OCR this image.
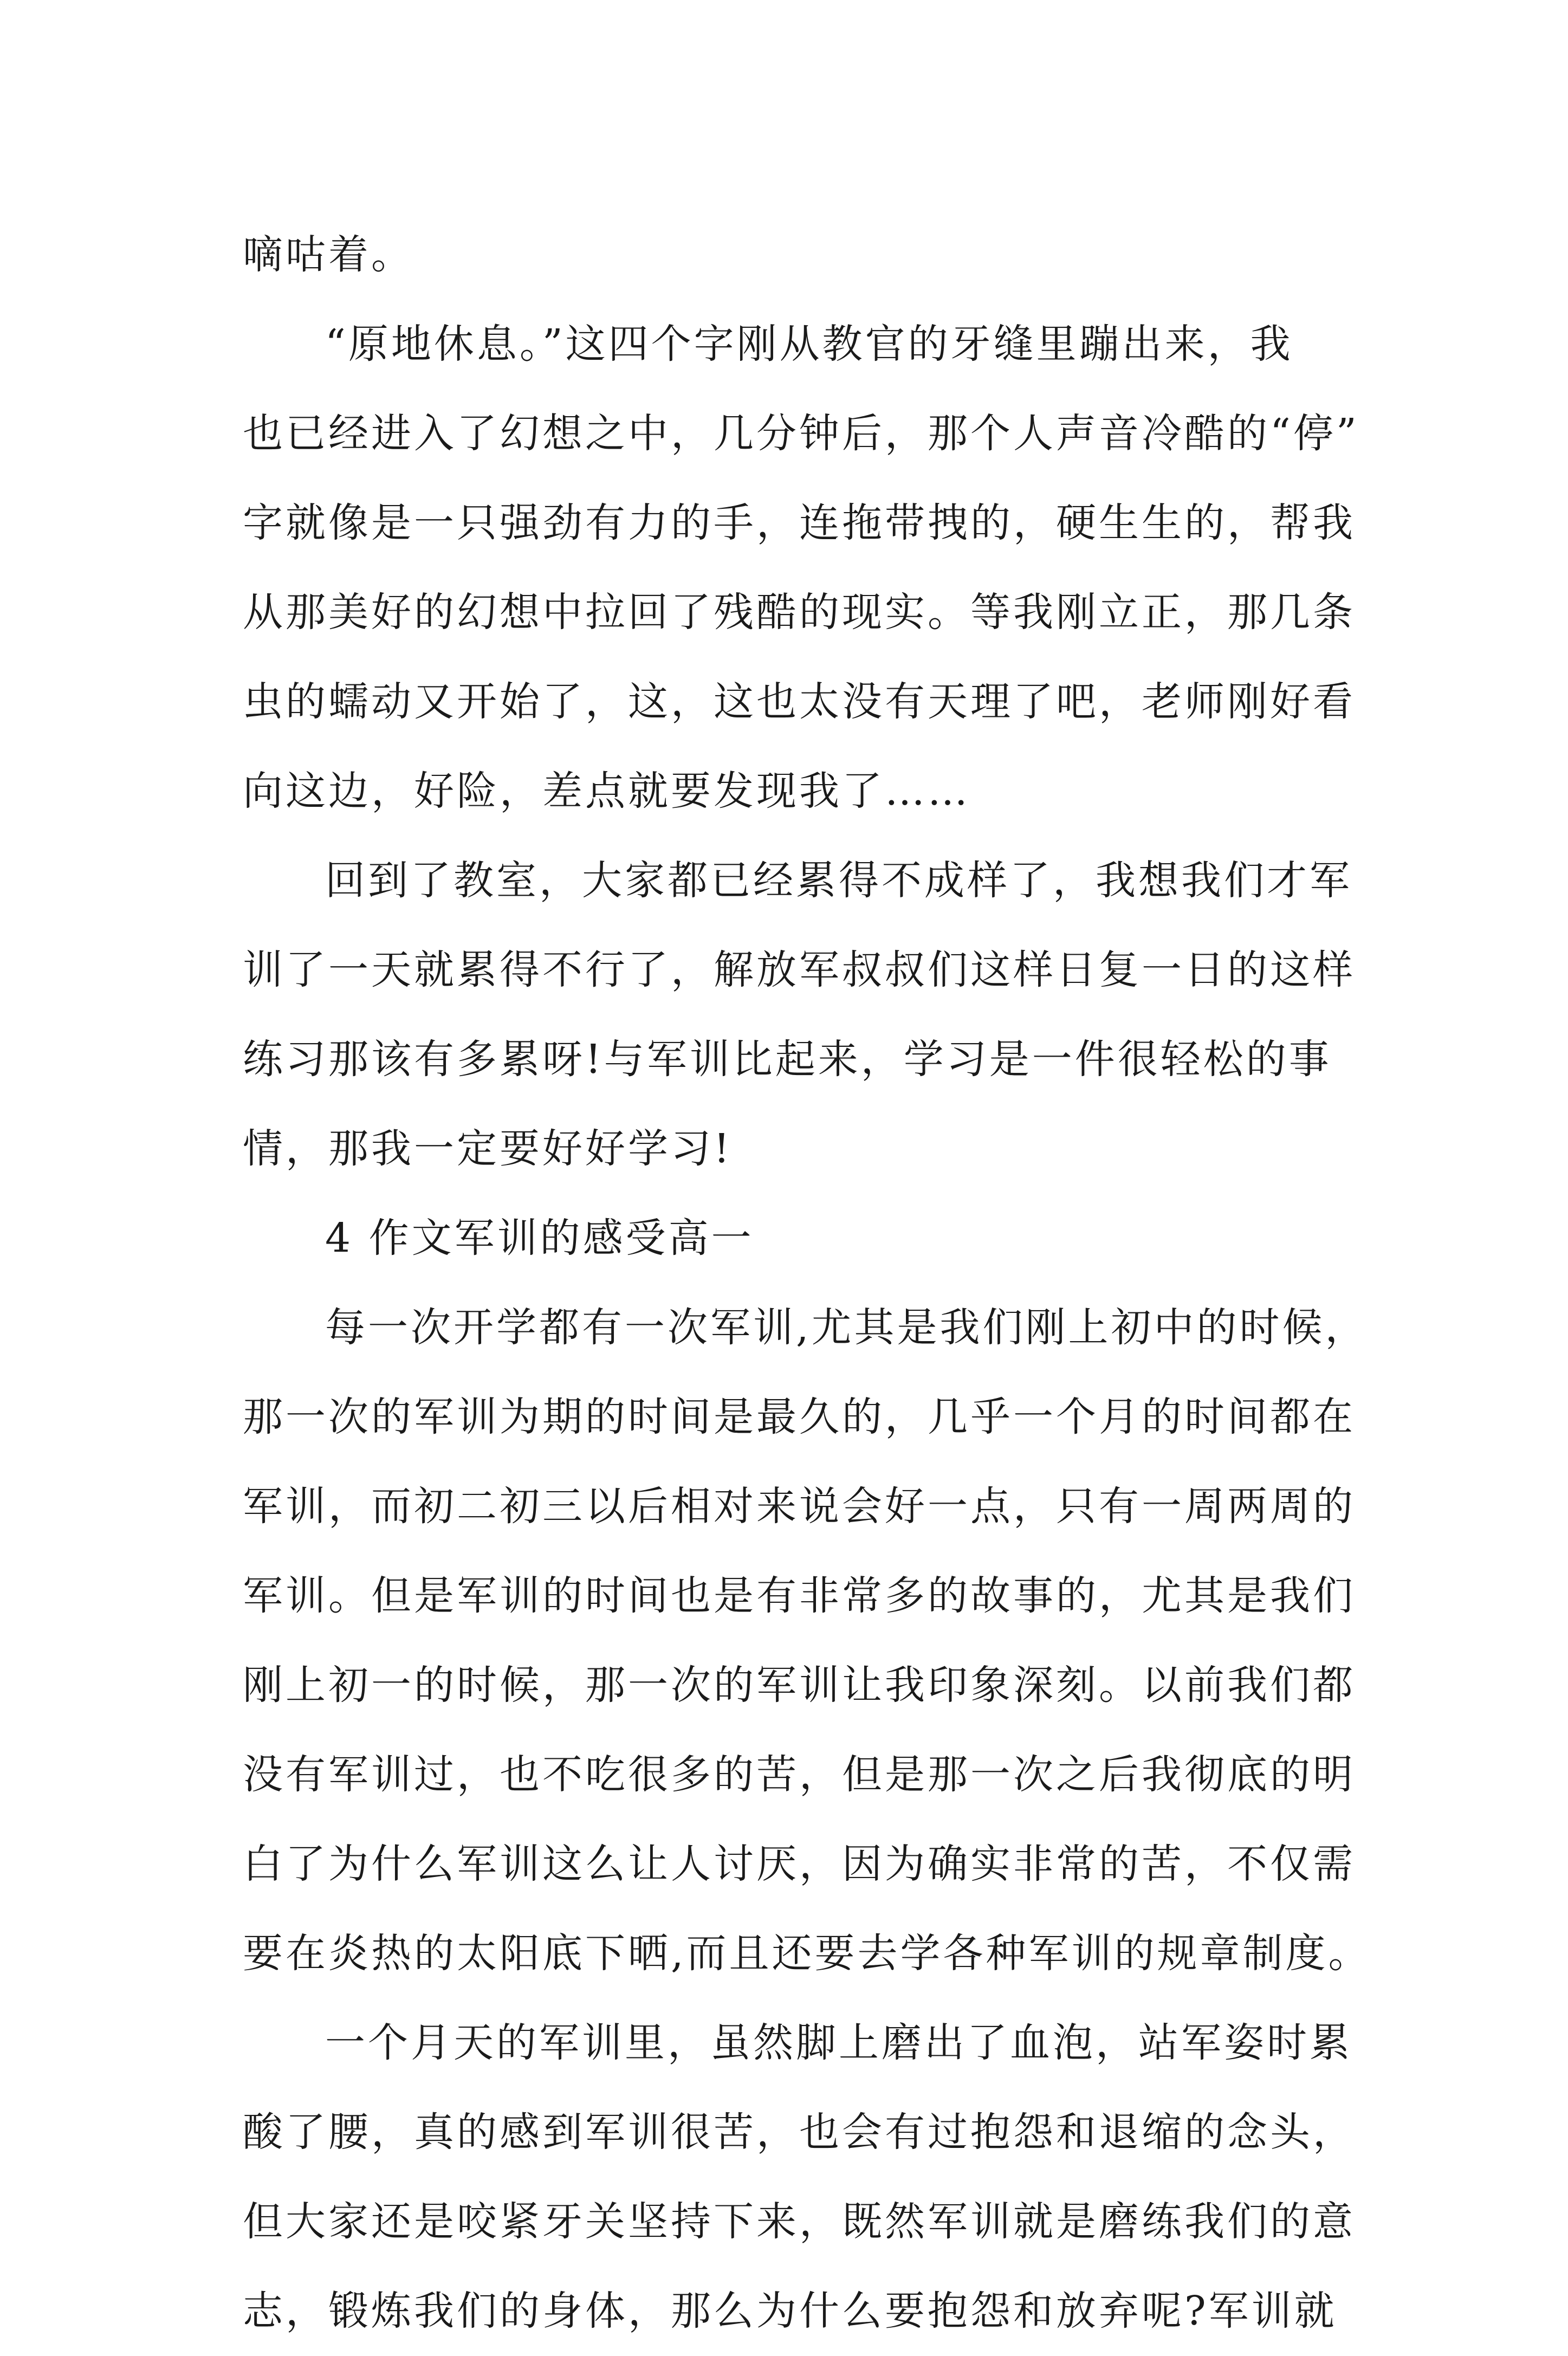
嘀咕着。

“原地休息。”这四个字刚从教官的牙缝里蹦出来，我
也已经进入了幻想之中，几分钟后，那个人声音冷酷的“停”
字就像是一只强劲有力的手，连拖带拽的，硬生生的，帮我
从那美好的幻想中拉回了残酷的现实。等我刚立正，那几条
虫的蠕动又开始了，这，这也太没有天理了吧，老师刚好看
向这边，好险，差点就要发现我了……

回到了教室，大家都已经累得不成样了，我想我们才军
训了一天就累得不行了，解放军叔叔们这样日复一日的这样
练习那该有多累呀!与军训比起来，学习是一件很轻松的事
情，那我一定要好好学习!

4 作文军训的感受高一

每一次开学都有一次军训,尤其是我们刚上初中的时候，
那一次的军训为期的时间是最久的，几乎一个月的时间都在
军训，而初二初三以后相对来说会好一点，只有一周两周的
军训。但是军训的时间也是有非常多的故事的，尤其是我们
刚上初一的时候，那一次的军训让我印象深刻。以前我们都
没有军训过，也不吃很多的苦，但是那一次之后我彻底的明
白了为什么军训这么让人讨厌，因为确实非常的苦，不仅需
要在炎热的太阳底下晒,而且还要去学各种军训的规章制度。

一个月天的军训里，虽然脚上磨出了血泡，站军姿时累
酸了腰，真的感到军训很苦，也会有过抱怨和退缩的念头，
但大家还是咬紧牙关坚持下来，既然军训就是磨练我们的意
志，锻炼我们的身体，那么为什么要抱怨和放弃呢?军训就
